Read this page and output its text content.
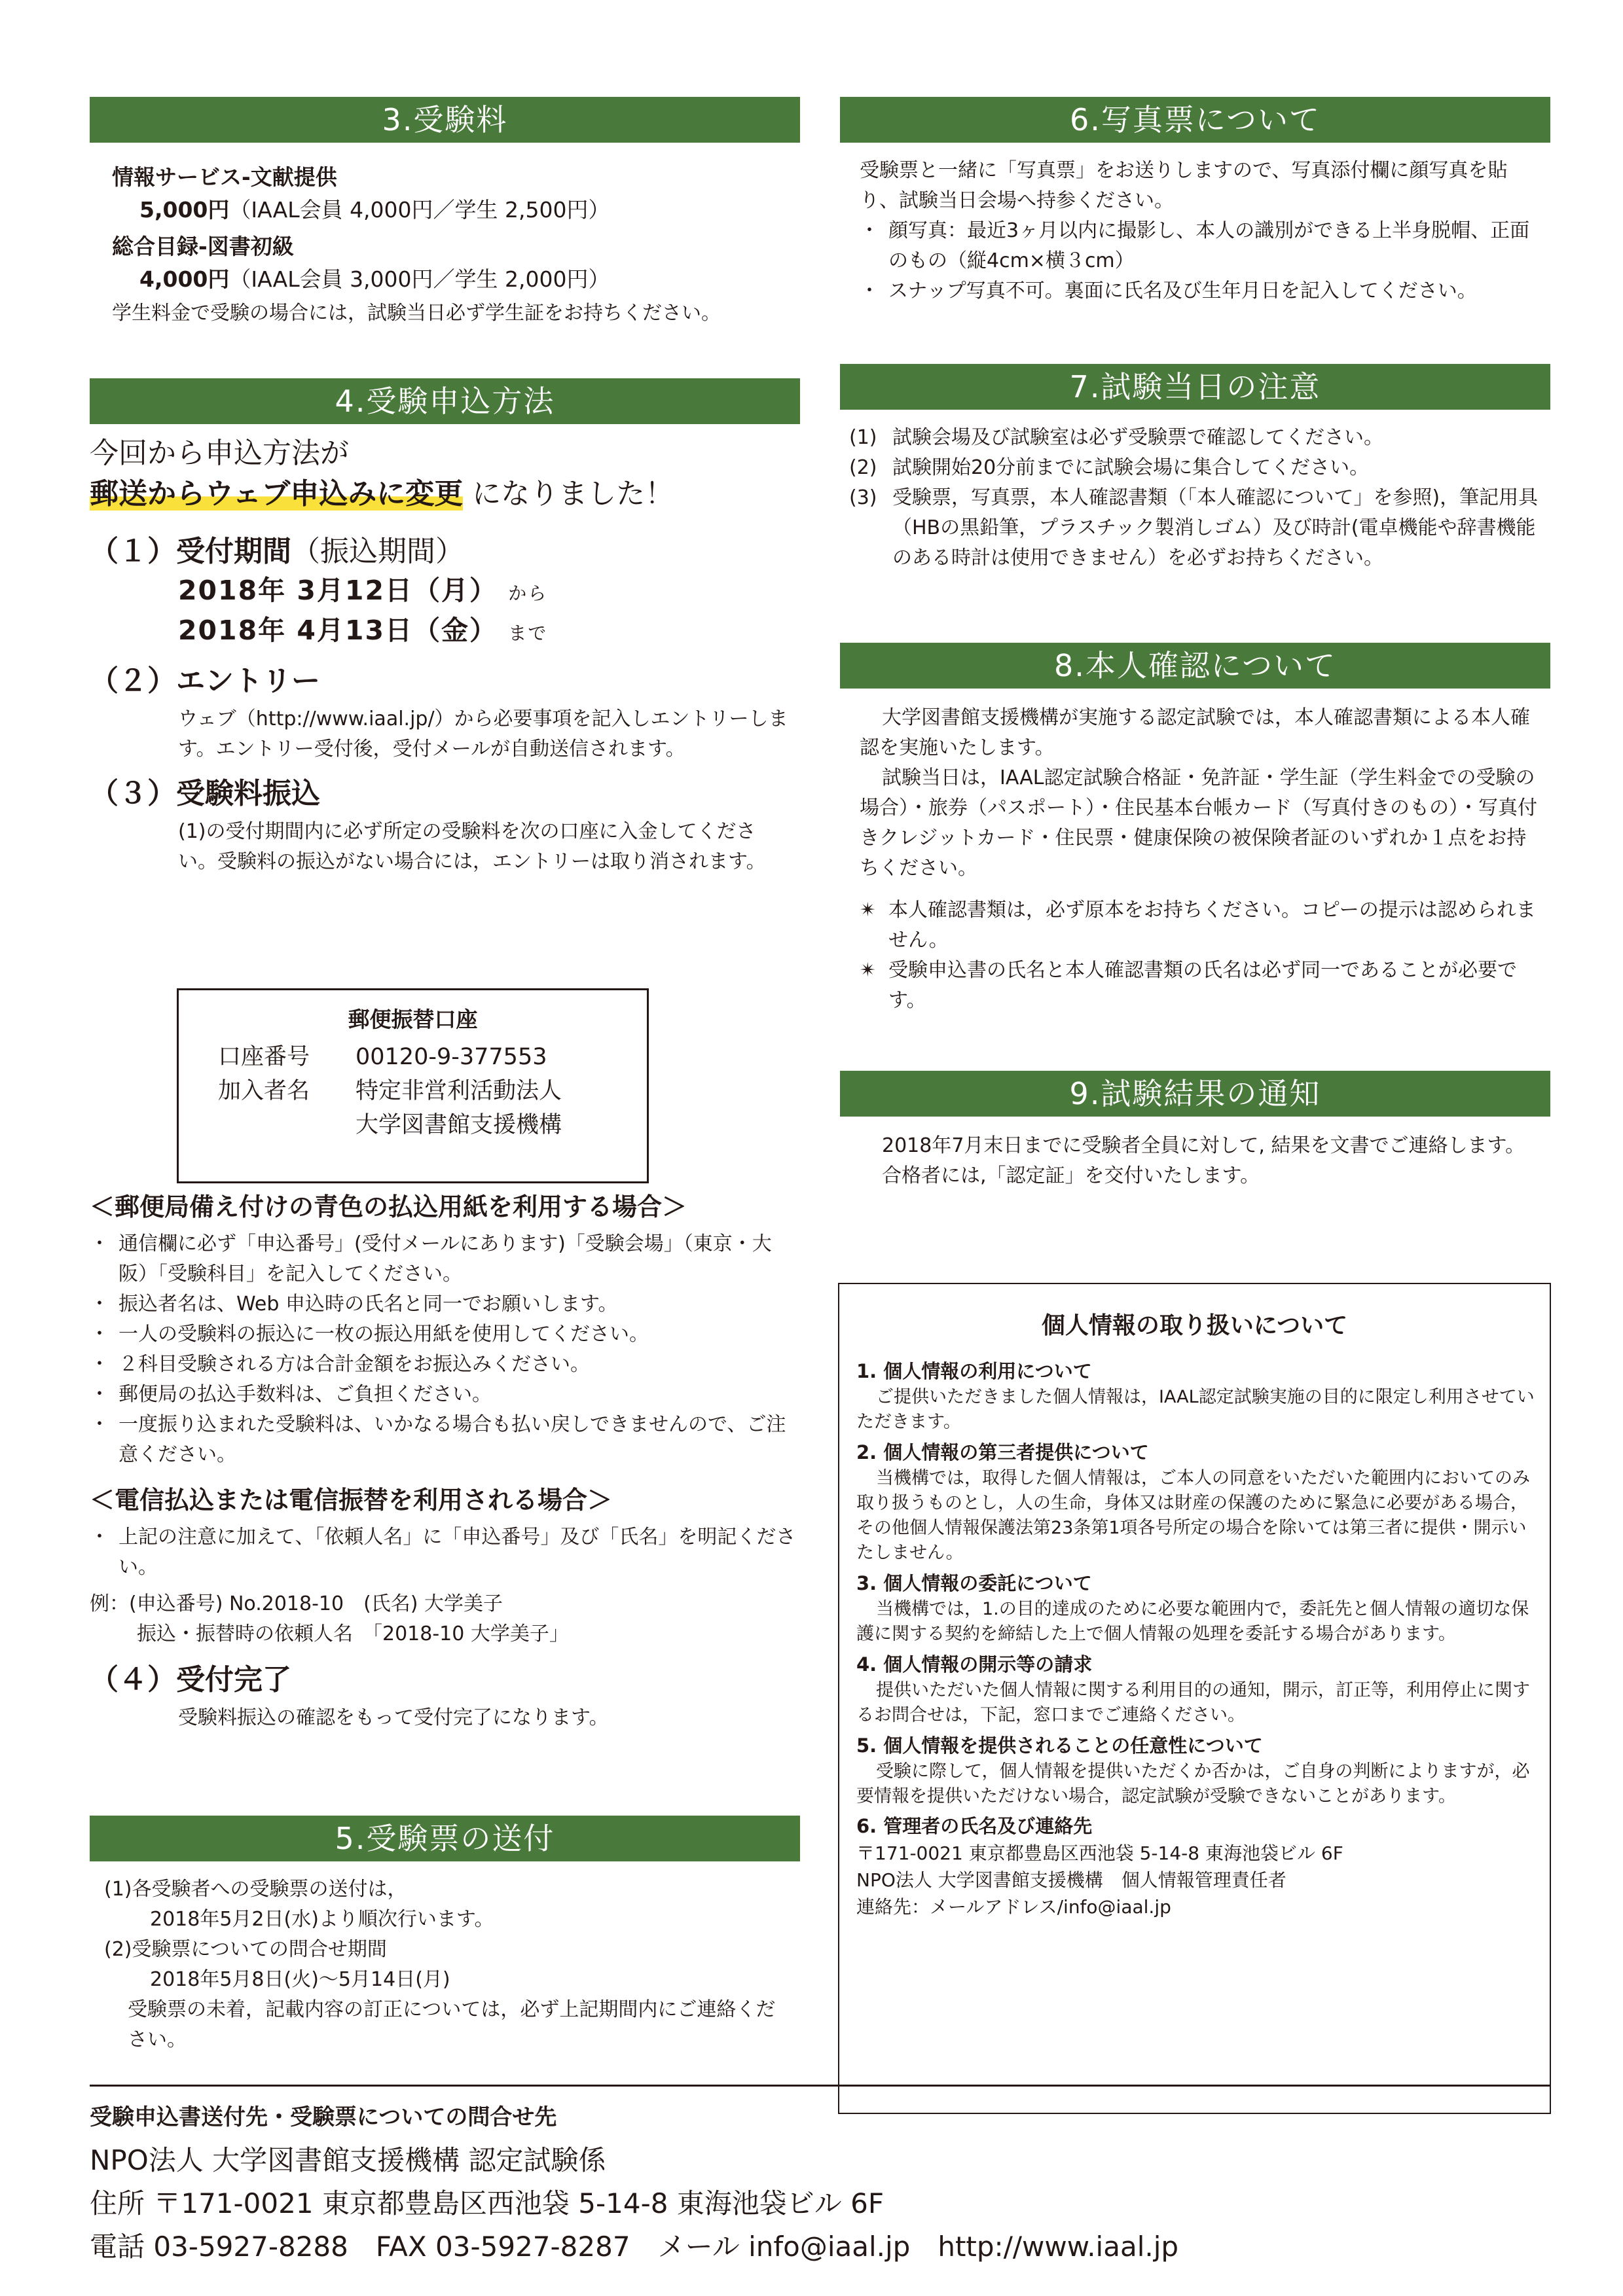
3.受験料
情報サービス-文献提供
5,000円（IAAL会員 4,000円／学生 2,500円）
総合目録-図書初級
4,000円（IAAL会員 3,000円／学生 2,000円）
学生料金で受験の場合には，試験当日必ず学生証をお持ちください。
4.受験申込方法
今回から申込方法が
郵送からウェブ申込みに変更 になりました！
（１）受付期間（振込期間）
2018年 3月12日（月） から
2018年 4月13日（金） まで
（２）エントリー
ウェブ（http://www.iaal.jp/）から必要事項を記入しエントリーします。エントリー受付後，受付メールが自動送信されます。
（３）受験料振込
(1)の受付期間内に必ず所定の受験料を次の口座に入金してください。受験料の振込がない場合には，エントリーは取り消されます。
郵便振替口座
口座番号	00120-9-377553
加入者名	特定非営利活動法人
大学図書館支援機構
＜郵便局備え付けの青色の払込用紙を利用する場合＞
・ 通信欄に必ず「申込番号」(受付メールにあります)「受験会場」（東京・大阪）「受験科目」を記入してください。
・ 振込者名は、Web 申込時の氏名と同一でお願いします。
・ 一人の受験料の振込に一枚の振込用紙を使用してください。
・ ２科目受験される方は合計金額をお振込みください。
・ 郵便局の払込手数料は、ご負担ください。
・ 一度振り込まれた受験料は、いかなる場合も払い戻しできませんので、ご注意ください。
＜電信払込または電信振替を利用される場合＞
・ 上記の注意に加えて、「依頼人名」に「申込番号」及び「氏名」を明記ください。
例：(申込番号) No.2018-10　(氏名) 大学美子
振込・振替時の依頼人名　「2018-10 大学美子」
（４）受付完了
受験料振込の確認をもって受付完了になります。
5.受験票の送付
(1)各受験者への受験票の送付は，
2018年5月2日(水)より順次行います。
(2)受験票についての問合せ期間
2018年5月8日(火)～5月14日(月)
受験票の未着，記載内容の訂正については，必ず上記期間内にご連絡ください。
6.写真票について
受験票と一緒に「写真票」をお送りしますので、写真添付欄に顔写真を貼り、試験当日会場へ持参ください。
・ 顔写真：最近3ヶ月以内に撮影し、本人の識別ができる上半身脱帽、正面のもの（縦4cm×横３cm）
・ スナップ写真不可。裏面に氏名及び生年月日を記入してください。
7.試験当日の注意
(1) 試験会場及び試験室は必ず受験票で確認してください。
(2) 試験開始20分前までに試験会場に集合してください。
(3) 受験票，写真票，本人確認書類（「本人確認について」を参照)，筆記用具（HBの黒鉛筆，プラスチック製消しゴム）及び時計(電卓機能や辞書機能のある時計は使用できません）を必ずお持ちください。
8.本人確認について
大学図書館支援機構が実施する認定試験では，本人確認書類による本人確認を実施いたします。
試験当日は，IAAL認定試験合格証・免許証・学生証（学生料金での受験の場合）・旅券（パスポート）・住民基本台帳カード（写真付きのもの）・写真付きクレジットカード・住民票・健康保険の被保険者証のいずれか１点をお持ちください。
✴ 本人確認書類は，必ず原本をお持ちください。コピーの提示は認められません。
✴ 受験申込書の氏名と本人確認書類の氏名は必ず同一であることが必要です。
9.試験結果の通知
2018年7月末日までに受験者全員に対して, 結果を文書でご連絡します。
合格者には,「認定証」を交付いたします。
個人情報の取り扱いについて
1. 個人情報の利用について
ご提供いただきました個人情報は，IAAL認定試験実施の目的に限定し利用させていただきます。
2. 個人情報の第三者提供について
当機構では，取得した個人情報は，ご本人の同意をいただいた範囲内においてのみ取り扱うものとし，人の生命，身体又は財産の保護のために緊急に必要がある場合，その他個人情報保護法第23条第1項各号所定の場合を除いては第三者に提供・開示いたしません。
3. 個人情報の委託について
当機構では，1.の目的達成のために必要な範囲内で，委託先と個人情報の適切な保護に関する契約を締結した上で個人情報の処理を委託する場合があります。
4. 個人情報の開示等の請求
提供いただいた個人情報に関する利用目的の通知，開示，訂正等，利用停止に関するお問合せは，下記，窓口までご連絡ください。
5. 個人情報を提供されることの任意性について
受験に際して，個人情報を提供いただくか否かは，ご自身の判断によりますが，必要情報を提供いただけない場合，認定試験が受験できないことがあります。
6. 管理者の氏名及び連絡先
〒171-0021 東京都豊島区西池袋 5-14-8 東海池袋ビル 6F
NPO法人 大学図書館支援機構　個人情報管理責任者
連絡先：メールアドレス/info@iaal.jp
受験申込書送付先・受験票についての問合せ先
NPO法人 大学図書館支援機構 認定試験係
住所 〒171-0021 東京都豊島区西池袋 5-14-8 東海池袋ビル 6F
電話 03-5927-8288　FAX 03-5927-8287　メール info@iaal.jp　http://www.iaal.jp
